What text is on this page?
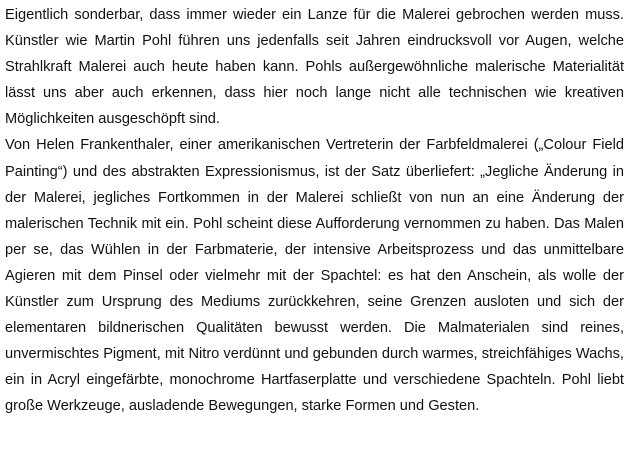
Eigentlich sonderbar, dass immer wieder ein Lanze für die Malerei gebrochen werden muss.
Künstler wie Martin Pohl führen uns jedenfalls seit Jahren eindrucksvoll vor Augen, welche
Strahlkraft Malerei auch heute haben kann. Pohls außergewöhnliche malerische Materialität
lässt uns aber auch erkennen, dass hier noch lange nicht alle technischen wie kreativen
Möglichkeiten ausgeschöpft sind.

Von Helen Frankenthaler, einer amerikanischen Vertreterin der Farbfeldmalerei („Colour Field
Painting“) und des abstrakten Expressionismus, ist der Satz überliefert: „Jegliche Änderung in
der Malerei, jegliches Fortkommen in der Malerei schließt von nun an eine Änderung der
malerischen Technik mit ein. Pohl scheint diese Aufforderung vernommen zu haben. Das Malen
per se, das Wühlen in der Farbmaterie, der intensive Arbeitsprozess und das unmittelbare
Agieren mit dem Pinsel oder vielmehr mit der Spachtel: es hat den Anschein, als wolle der
Künstler zum Ursprung des Mediums zurückkehren, seine Grenzen ausloten und sich der
elementaren bildnerischen Qualitäten bewusst werden. Die Malmaterialen sind reines,
unvermischtes Pigment, mit Nitro verdünnt und gebunden durch warmes, streichfähiges Wachs,
ein in Acryl eingefärbte, monochrome Hartfaserplatte und verschiedene Spachteln. Pohl liebt
große Werkzeuge, ausladende Bewegungen, starke Formen und Gesten.
